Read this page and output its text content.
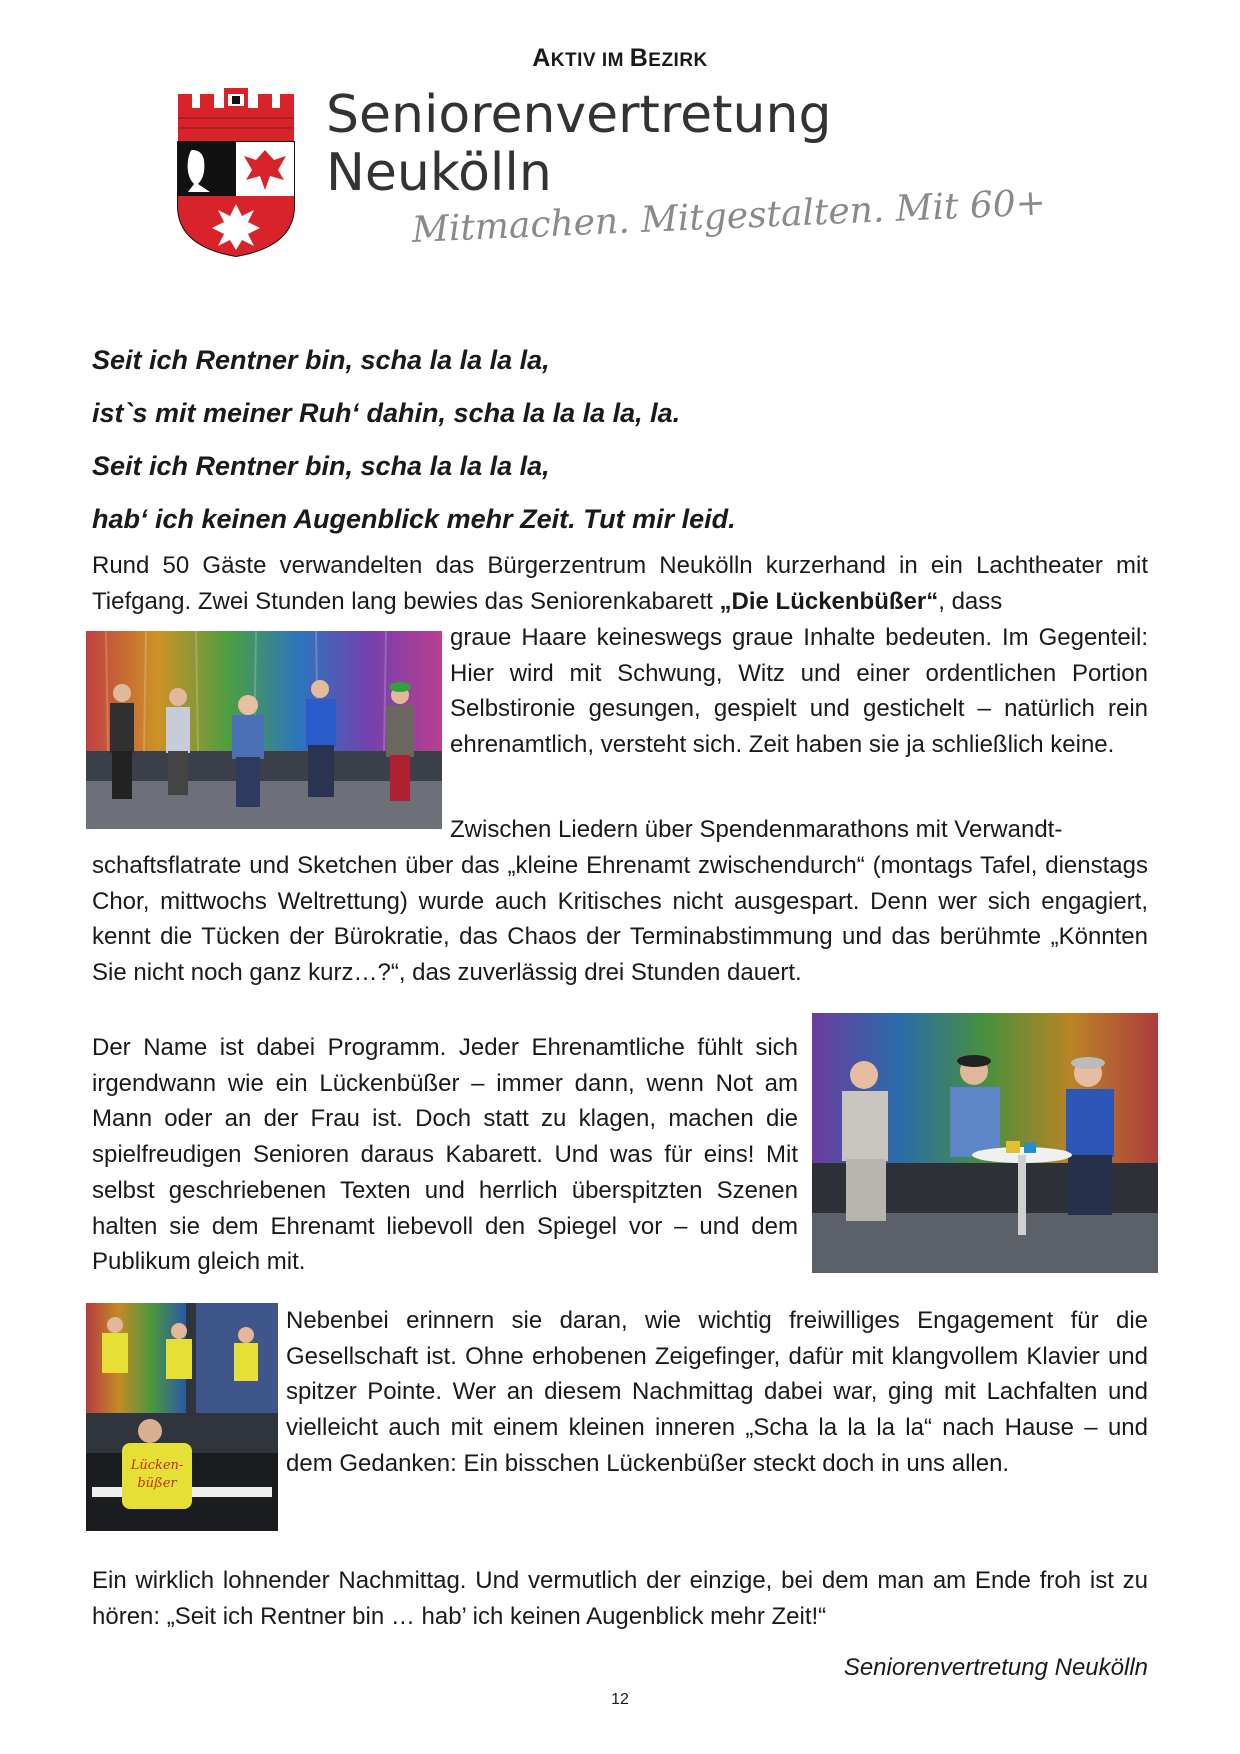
AKTIV IM BEZIRK
Seniorenvertretung
Neukölln
Mitmachen. Mitgestalten. Mit 60+
Seit ich Rentner bin, scha la la la la,
ist`s mit meiner Ruh‘ dahin, scha la la la la, la.
Seit ich Rentner bin, scha la la la la,
hab‘ ich keinen Augenblick mehr Zeit. Tut mir leid.

Rund 50 Gäste verwandelten das Bürgerzentrum Neukölln kurzerhand in ein Lachtheater mit Tiefgang. Zwei Stunden lang bewies das Seniorenkabarett „Die Lückenbüßer“, dass

graue Haare keineswegs graue Inhalte bedeuten. Im Gegenteil: Hier wird mit Schwung, Witz und einer ordentlichen Portion Selbstironie gesungen, gespielt und gestichelt – natürlich rein ehrenamtlich, versteht sich. Zeit haben sie ja schließlich keine.

Zwischen Liedern über Spendenmarathons mit Verwandt-

schaftsflatrate und Sketchen über das „kleine Ehrenamt zwischendurch“ (montags Tafel, dienstags Chor, mittwochs Weltrettung) wurde auch Kritisches nicht ausgespart. Denn wer sich engagiert, kennt die Tücken der Bürokratie, das Chaos der Terminabstimmung und das berühmte „Könnten Sie nicht noch ganz kurz…?“, das zuverlässig drei Stunden dauert.

Der Name ist dabei Programm. Jeder Ehrenamtliche fühlt sich irgendwann wie ein Lückenbüßer – immer dann, wenn Not am Mann oder an der Frau ist. Doch statt zu klagen, machen die spielfreudigen Senioren daraus Kabarett. Und was für eins! Mit selbst geschriebenen Texten und herrlich überspitzten Szenen halten sie dem Ehrenamt liebevoll den Spiegel vor – und dem Publikum gleich mit.

Lücken-
büßer

Nebenbei erinnern sie daran, wie wichtig freiwilliges Engagement für die Gesellschaft ist. Ohne erhobenen Zeigefinger, dafür mit klangvollem Klavier und spitzer Pointe. Wer an diesem Nachmittag dabei war, ging mit Lachfalten und vielleicht auch mit einem kleinen inneren „Scha la la la la“ nach Hause – und dem Gedanken: Ein bisschen Lückenbüßer steckt doch in uns allen.

Ein wirklich lohnender Nachmittag. Und vermutlich der einzige, bei dem man am Ende froh ist zu hören: „Seit ich Rentner bin … hab’ ich keinen Augenblick mehr Zeit!“

Seniorenvertretung Neukölln
12
